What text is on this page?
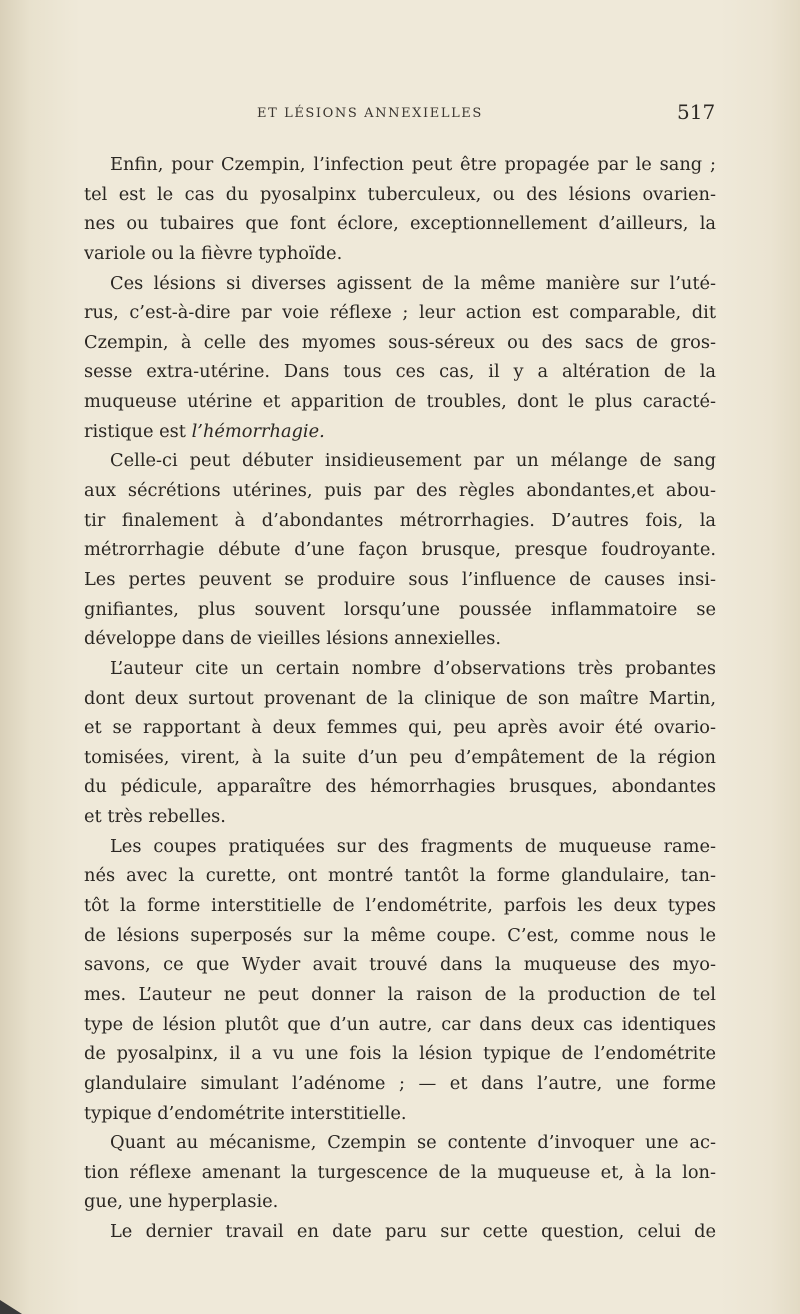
ET LÉSIONS ANNEXIELLES	517

Enfin, pour Czempin, l’infection peut être propagée par le sang ;
tel est le cas du pyosalpinx tuberculeux, ou des lésions ovarien-
nes ou tubaires que font éclore, exceptionnellement d’ailleurs, la
variole ou la fièvre typhoïde.

Ces lésions si diverses agissent de la même manière sur l’uté-
rus, c’est-à-dire par voie réflexe ; leur action est comparable, dit
Czempin, à celle des myomes sous-séreux ou des sacs de gros-
sesse extra-utérine. Dans tous ces cas, il y a altération de la
muqueuse utérine et apparition de troubles, dont le plus caracté-
ristique est l’hémorrhagie.

Celle-ci peut débuter insidieusement par un mélange de sang
aux sécrétions utérines, puis par des règles abondantes,et abou-
tir finalement à d’abondantes métrorrhagies. D’autres fois, la
métrorrhagie débute d’une façon brusque, presque foudroyante.
Les pertes peuvent se produire sous l’influence de causes insi-
gnifiantes, plus souvent lorsqu’une poussée inflammatoire se
développe dans de vieilles lésions annexielles.

L’auteur cite un certain nombre d’observations très probantes
dont deux surtout provenant de la clinique de son maître Martin,
et se rapportant à deux femmes qui, peu après avoir été ovario-
tomisées, virent, à la suite d’un peu d’empâtement de la région
du pédicule, apparaître des hémorrhagies brusques, abondantes
et très rebelles.

Les coupes pratiquées sur des fragments de muqueuse rame-
nés avec la curette, ont montré tantôt la forme glandulaire, tan-
tôt la forme interstitielle de l’endométrite, parfois les deux types
de lésions superposés sur la même coupe. C’est, comme nous le
savons, ce que Wyder avait trouvé dans la muqueuse des myo-
mes. L’auteur ne peut donner la raison de la production de tel
type de lésion plutôt que d’un autre, car dans deux cas identiques
de pyosalpinx, il a vu une fois la lésion typique de l’endométrite
glandulaire simulant l’adénome ; — et dans l’autre, une forme
typique d’endométrite interstitielle.

Quant au mécanisme, Czempin se contente d’invoquer une ac-
tion réflexe amenant la turgescence de la muqueuse et, à la lon-
gue, une hyperplasie.

Le dernier travail en date paru sur cette question, celui de
